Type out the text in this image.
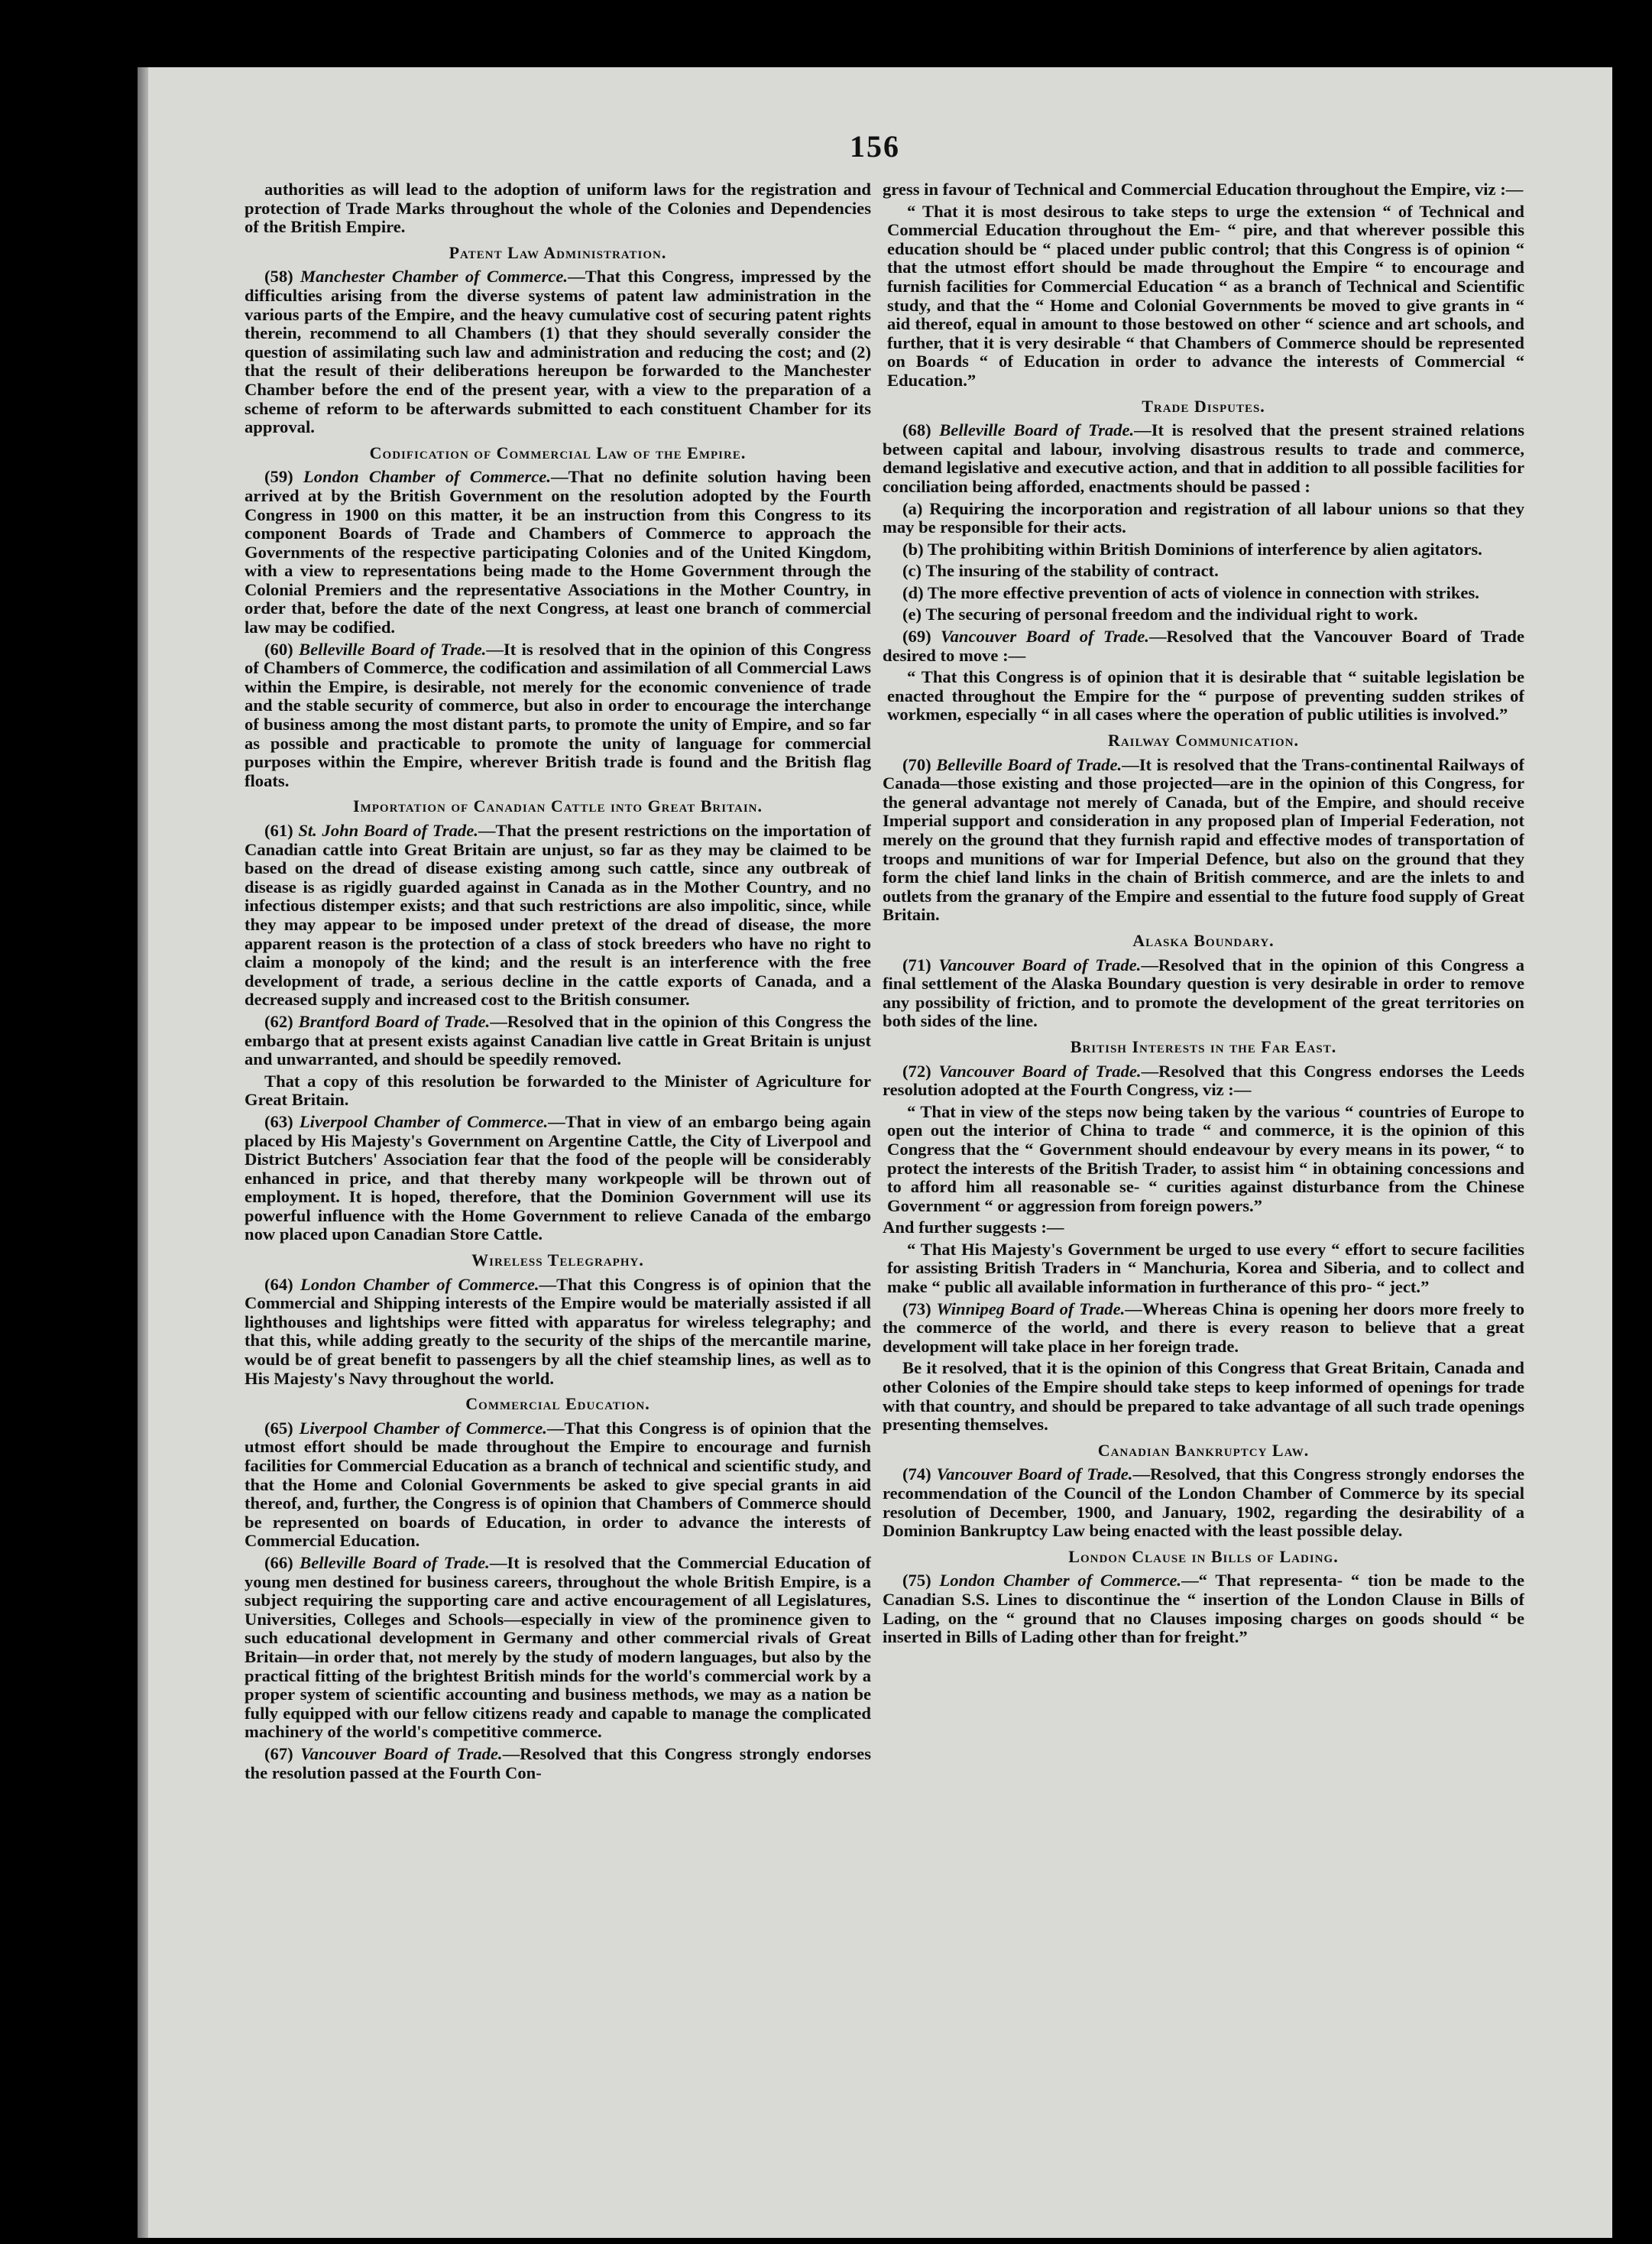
156

authorities as will lead to the adoption of uniform laws for the registration and protection of Trade Marks throughout the whole of the Colonies and Dependencies of the British Empire.

Patent Law Administration.

(58) Manchester Chamber of Commerce.—That this Congress, impressed by the difficulties arising from the diverse systems of patent law administration in the various parts of the Empire, and the heavy cumulative cost of securing patent rights therein, recommend to all Chambers (1) that they should severally consider the question of assimilating such law and administration and reducing the cost; and (2) that the result of their deliberations hereupon be forwarded to the Manchester Chamber before the end of the present year, with a view to the preparation of a scheme of reform to be afterwards submitted to each constituent Chamber for its approval.

Codification of Commercial Law of the Empire.

(59) London Chamber of Commerce.—That no definite solution having been arrived at by the British Government on the resolution adopted by the Fourth Congress in 1900 on this matter, it be an instruction from this Congress to its component Boards of Trade and Chambers of Commerce to approach the Governments of the respective participating Colonies and of the United Kingdom, with a view to representations being made to the Home Government through the Colonial Premiers and the representative Associations in the Mother Country, in order that, before the date of the next Congress, at least one branch of commercial law may be codified.

(60) Belleville Board of Trade.—It is resolved that in the opinion of this Congress of Chambers of Commerce, the codification and assimilation of all Commercial Laws within the Empire, is desirable, not merely for the economic convenience of trade and the stable security of commerce, but also in order to encourage the interchange of business among the most distant parts, to promote the unity of Empire, and so far as possible and practicable to promote the unity of language for commercial purposes within the Empire, wherever British trade is found and the British flag floats.

Importation of Canadian Cattle into Great Britain.

(61) St. John Board of Trade.—That the present restrictions on the importation of Canadian cattle into Great Britain are unjust, so far as they may be claimed to be based on the dread of disease existing among such cattle, since any outbreak of disease is as rigidly guarded against in Canada as in the Mother Country, and no infectious distemper exists; and that such restrictions are also impolitic, since, while they may appear to be imposed under pretext of the dread of disease, the more apparent reason is the protection of a class of stock breeders who have no right to claim a monopoly of the kind; and the result is an interference with the free development of trade, a serious decline in the cattle exports of Canada, and a decreased supply and increased cost to the British consumer.

(62) Brantford Board of Trade.—Resolved that in the opinion of this Congress the embargo that at present exists against Canadian live cattle in Great Britain is unjust and unwarranted, and should be speedily removed.

That a copy of this resolution be forwarded to the Minister of Agriculture for Great Britain.

(63) Liverpool Chamber of Commerce.—That in view of an embargo being again placed by His Majesty's Government on Argentine Cattle, the City of Liverpool and District Butchers' Association fear that the food of the people will be considerably enhanced in price, and that thereby many workpeople will be thrown out of employment. It is hoped, therefore, that the Dominion Government will use its powerful influence with the Home Government to relieve Canada of the embargo now placed upon Canadian Store Cattle.

Wireless Telegraphy.

(64) London Chamber of Commerce.—That this Congress is of opinion that the Commercial and Shipping interests of the Empire would be materially assisted if all lighthouses and lightships were fitted with apparatus for wireless telegraphy; and that this, while adding greatly to the security of the ships of the mercantile marine, would be of great benefit to passengers by all the chief steamship lines, as well as to His Majesty's Navy throughout the world.

Commercial Education.

(65) Liverpool Chamber of Commerce.—That this Congress is of opinion that the utmost effort should be made throughout the Empire to encourage and furnish facilities for Commercial Education as a branch of technical and scientific study, and that the Home and Colonial Governments be asked to give special grants in aid thereof, and, further, the Congress is of opinion that Chambers of Commerce should be represented on boards of Education, in order to advance the interests of Commercial Education.

(66) Belleville Board of Trade.—It is resolved that the Commercial Education of young men destined for business careers, throughout the whole British Empire, is a subject requiring the supporting care and active encouragement of all Legislatures, Universities, Colleges and Schools—especially in view of the prominence given to such educational development in Germany and other commercial rivals of Great Britain—in order that, not merely by the study of modern languages, but also by the practical fitting of the brightest British minds for the world's commercial work by a proper system of scientific accounting and business methods, we may as a nation be fully equipped with our fellow citizens ready and capable to manage the complicated machinery of the world's competitive commerce.

(67) Vancouver Board of Trade.—Resolved that this Congress strongly endorses the resolution passed at the Fourth Con-

gress in favour of Technical and Commercial Education throughout the Empire, viz :—

“ That it is most desirous to take steps to urge the extension “ of Technical and Commercial Education throughout the Em- “ pire, and that wherever possible this education should be “ placed under public control; that this Congress is of opinion “ that the utmost effort should be made throughout the Empire “ to encourage and furnish facilities for Commercial Education “ as a branch of Technical and Scientific study, and that the “ Home and Colonial Governments be moved to give grants in “ aid thereof, equal in amount to those bestowed on other “ science and art schools, and further, that it is very desirable “ that Chambers of Commerce should be represented on Boards “ of Education in order to advance the interests of Commercial “ Education.”

Trade Disputes.

(68) Belleville Board of Trade.—It is resolved that the present strained relations between capital and labour, involving disastrous results to trade and commerce, demand legislative and executive action, and that in addition to all possible facilities for conciliation being afforded, enactments should be passed :

(a) Requiring the incorporation and registration of all labour unions so that they may be responsible for their acts.

(b) The prohibiting within British Dominions of interference by alien agitators.

(c) The insuring of the stability of contract.

(d) The more effective prevention of acts of violence in connection with strikes.

(e) The securing of personal freedom and the individual right to work.

(69) Vancouver Board of Trade.—Resolved that the Vancouver Board of Trade desired to move :—

“ That this Congress is of opinion that it is desirable that “ suitable legislation be enacted throughout the Empire for the “ purpose of preventing sudden strikes of workmen, especially “ in all cases where the operation of public utilities is involved.”

Railway Communication.

(70) Belleville Board of Trade.—It is resolved that the Trans-continental Railways of Canada—those existing and those projected—are in the opinion of this Congress, for the general advantage not merely of Canada, but of the Empire, and should receive Imperial support and consideration in any proposed plan of Imperial Federation, not merely on the ground that they furnish rapid and effective modes of transportation of troops and munitions of war for Imperial Defence, but also on the ground that they form the chief land links in the chain of British commerce, and are the inlets to and outlets from the granary of the Empire and essential to the future food supply of Great Britain.

Alaska Boundary.

(71) Vancouver Board of Trade.—Resolved that in the opinion of this Congress a final settlement of the Alaska Boundary question is very desirable in order to remove any possibility of friction, and to promote the development of the great territories on both sides of the line.

British Interests in the Far East.

(72) Vancouver Board of Trade.—Resolved that this Congress endorses the Leeds resolution adopted at the Fourth Congress, viz :—

“ That in view of the steps now being taken by the various “ countries of Europe to open out the interior of China to trade “ and commerce, it is the opinion of this Congress that the “ Government should endeavour by every means in its power, “ to protect the interests of the British Trader, to assist him “ in obtaining concessions and to afford him all reasonable se- “ curities against disturbance from the Chinese Government “ or aggression from foreign powers.”

And further suggests :—

“ That His Majesty's Government be urged to use every “ effort to secure facilities for assisting British Traders in “ Manchuria, Korea and Siberia, and to collect and make “ public all available information in furtherance of this pro- “ ject.”

(73) Winnipeg Board of Trade.—Whereas China is opening her doors more freely to the commerce of the world, and there is every reason to believe that a great development will take place in her foreign trade.

Be it resolved, that it is the opinion of this Congress that Great Britain, Canada and other Colonies of the Empire should take steps to keep informed of openings for trade with that country, and should be prepared to take advantage of all such trade openings presenting themselves.

Canadian Bankruptcy Law.

(74) Vancouver Board of Trade.—Resolved, that this Congress strongly endorses the recommendation of the Council of the London Chamber of Commerce by its special resolution of December, 1900, and January, 1902, regarding the desirability of a Dominion Bankruptcy Law being enacted with the least possible delay.

London Clause in Bills of Lading.

(75) London Chamber of Commerce.—“ That representa- “ tion be made to the Canadian S.S. Lines to discontinue the “ insertion of the London Clause in Bills of Lading, on the “ ground that no Clauses imposing charges on goods should “ be inserted in Bills of Lading other than for freight.”
